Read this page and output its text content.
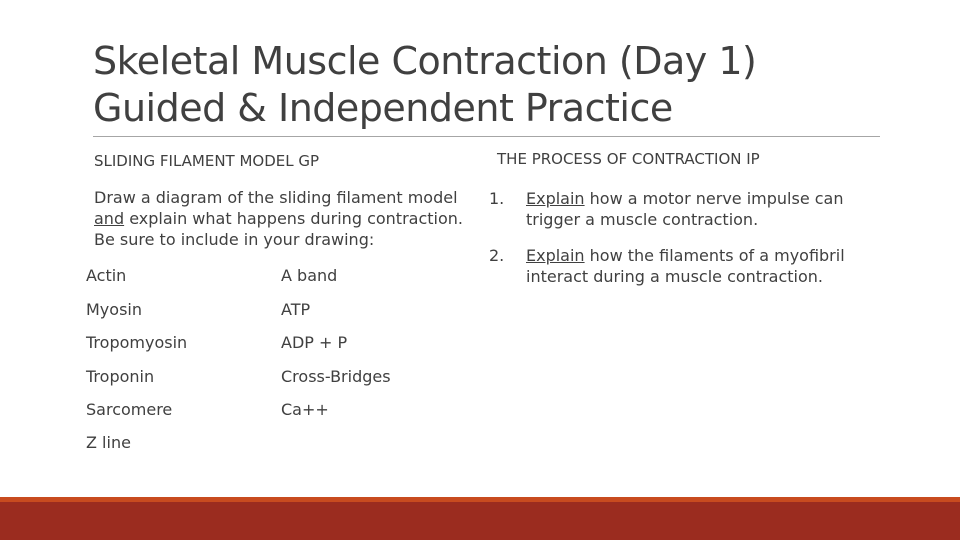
Skeletal Muscle Contraction (Day 1)
Guided & Independent Practice
SLIDING FILAMENT MODEL GP
Draw a diagram of the sliding filament model
and explain what happens during contraction.
Be sure to include in your drawing:
Actin
Myosin
Tropomyosin
Troponin
Sarcomere
Z line
A band
ATP
ADP + P
Cross-Bridges
Ca++
THE PROCESS OF CONTRACTION IP
1. Explain how a motor nerve impulse can
trigger a muscle contraction.
2. Explain how the filaments of a myofibril
interact during a muscle contraction.
